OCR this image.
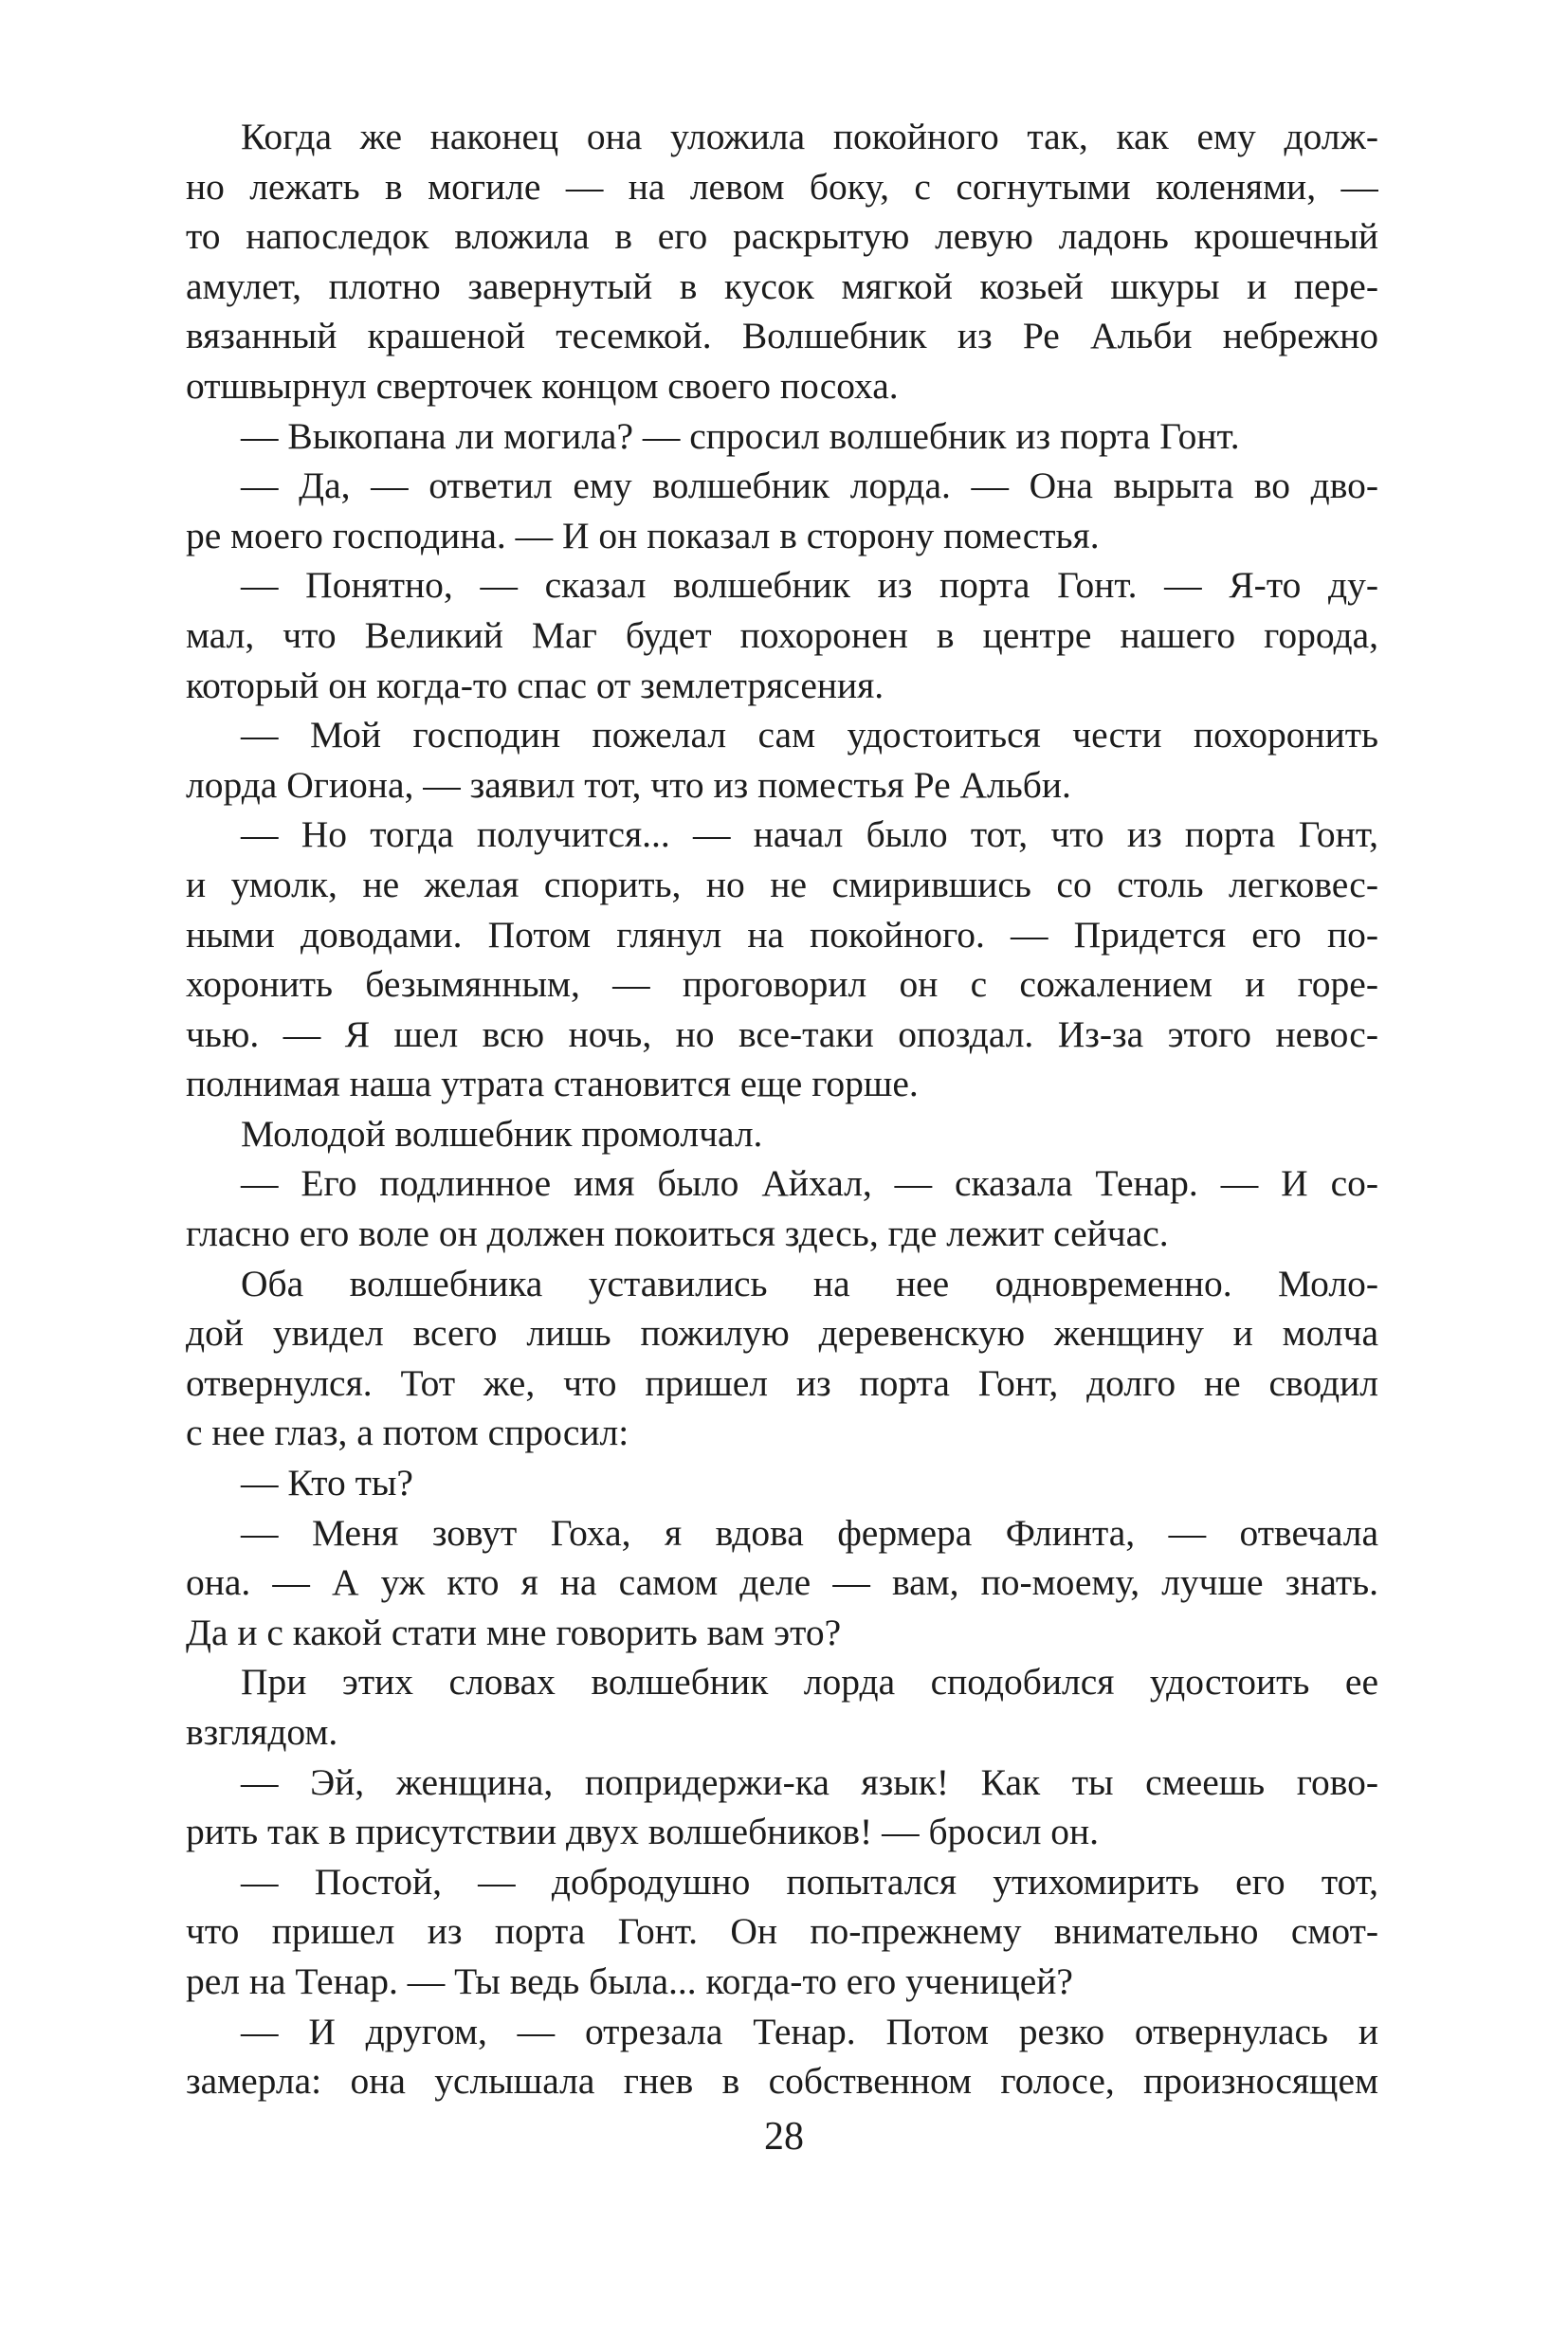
Когда же наконец она уложила покойного так, как ему долж-
но лежать в могиле — на левом боку, с согнутыми коленями, —
то напоследок вложила в его раскрытую левую ладонь крошечный
амулет, плотно завернутый в кусок мягкой козьей шкуры и пере-
вязанный крашеной тесемкой. Волшебник из Ре Альби небрежно
отшвырнул сверточек концом своего посоха.
— Выкопана ли могила? — спросил волшебник из порта Гонт.
— Да, — ответил ему волшебник лорда. — Она вырыта во дво-
ре моего господина. — И он показал в сторону поместья.
— Понятно, — сказал волшебник из порта Гонт. — Я-то ду-
мал, что Великий Маг будет похоронен в центре нашего города,
который он когда-то спас от землетрясения.
— Мой господин пожелал сам удостоиться чести похоронить
лорда Огиона, — заявил тот, что из поместья Ре Альби.
— Но тогда получится... — начал было тот, что из порта Гонт,
и умолк, не желая спорить, но не смирившись со столь легковес-
ными доводами. Потом глянул на покойного. — Придется его по-
хоронить безымянным, — проговорил он с сожалением и горе-
чью. — Я шел всю ночь, но все-таки опоздал. Из-за этого невос-
полнимая наша утрата становится еще горше.
Молодой волшебник промолчал.
— Его подлинное имя было Айхал, — сказала Тенар. — И со-
гласно его воле он должен покоиться здесь, где лежит сейчас.
Оба волшебника уставились на нее одновременно. Моло-
дой увидел всего лишь пожилую деревенскую женщину и молча
отвернулся. Тот же, что пришел из порта Гонт, долго не сводил
с нее глаз, а потом спросил:
— Кто ты?
— Меня зовут Гоха, я вдова фермера Флинта, — отвечала
она. — А уж кто я на самом деле — вам, по-моему, лучше знать.
Да и с какой стати мне говорить вам это?
При этих словах волшебник лорда сподобился удостоить ее
взглядом.
— Эй, женщина, попридержи-ка язык! Как ты смеешь гово-
рить так в присутствии двух волшебников! — бросил он.
— Постой, — добродушно попытался утихомирить его тот,
что пришел из порта Гонт. Он по-прежнему внимательно смот-
рел на Тенар. — Ты ведь была... когда-то его ученицей?
— И другом, — отрезала Тенар. Потом резко отвернулась и
замерла: она услышала гнев в собственном голосе, произносящем
28
